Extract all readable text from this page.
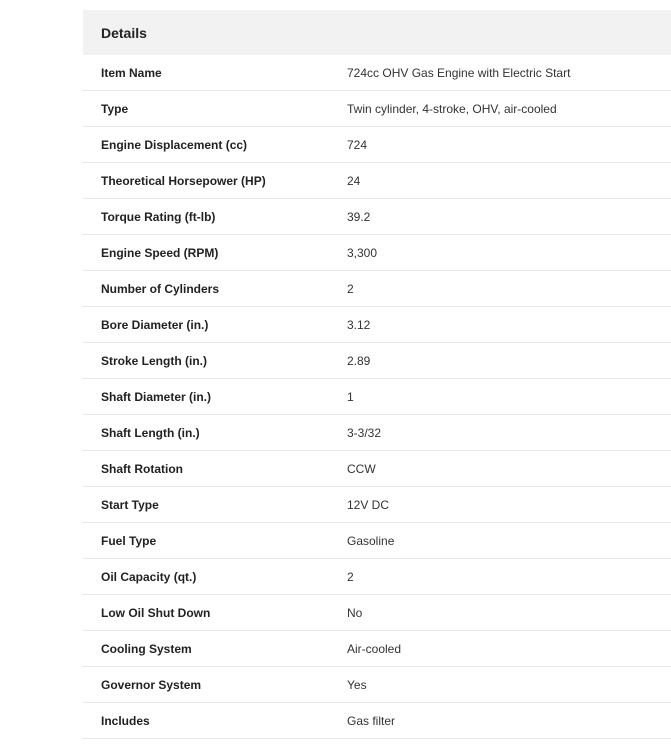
Details
Item Name	724cc OHV Gas Engine with Electric Start
Type	Twin cylinder, 4-stroke, OHV, air-cooled
Engine Displacement (cc)	724
Theoretical Horsepower (HP)	24
Torque Rating (ft-lb)	39.2
Engine Speed (RPM)	3,300
Number of Cylinders	2
Bore Diameter (in.)	3.12
Stroke Length (in.)	2.89
Shaft Diameter (in.)	1
Shaft Length (in.)	3-3/32
Shaft Rotation	CCW
Start Type	12V DC
Fuel Type	Gasoline
Oil Capacity (qt.)	2
Low Oil Shut Down	No
Cooling System	Air-cooled
Governor System	Yes
Includes	Gas filter
